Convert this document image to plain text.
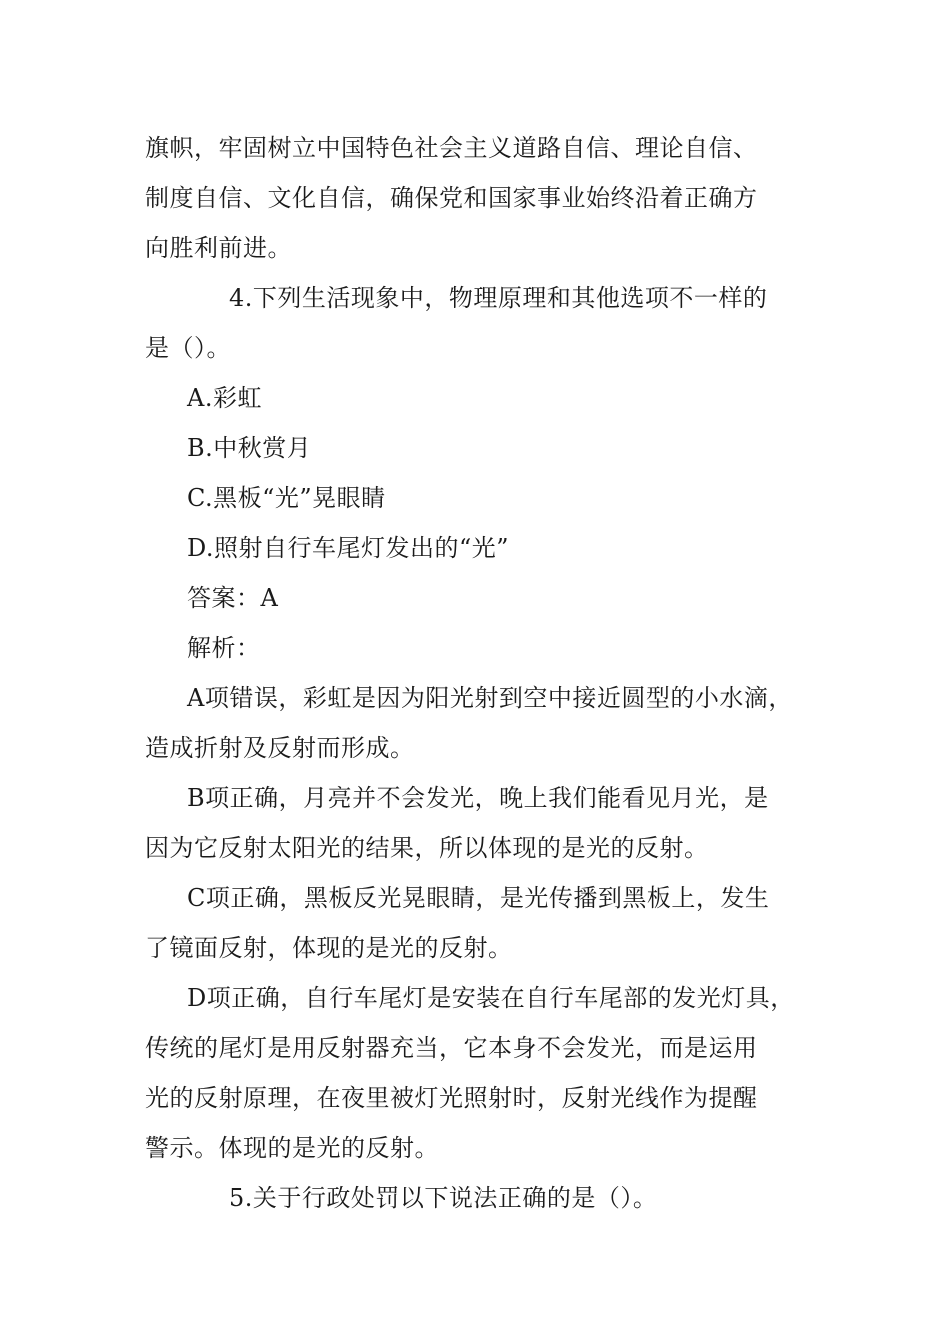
旗帜，牢固树立中国特色社会主义道路自信、理论自信、
制度自信、文化自信，确保党和国家事业始终沿着正确方
向胜利前进。
4.下列生活现象中，物理原理和其他选项不一样的
是（）。
A.彩虹
B.中秋赏月
C.黑板“光”晃眼睛
D.照射自行车尾灯发出的“光”
答案：A
解析：
A项错误，彩虹是因为阳光射到空中接近圆型的小水滴，
造成折射及反射而形成。
B项正确，月亮并不会发光，晚上我们能看见月光，是
因为它反射太阳光的结果，所以体现的是光的反射。
C项正确，黑板反光晃眼睛，是光传播到黑板上，发生
了镜面反射，体现的是光的反射。
D项正确，自行车尾灯是安装在自行车尾部的发光灯具，
传统的尾灯是用反射器充当，它本身不会发光，而是运用
光的反射原理，在夜里被灯光照射时，反射光线作为提醒
警示。体现的是光的反射。
5.关于行政处罚以下说法正确的是（）。
